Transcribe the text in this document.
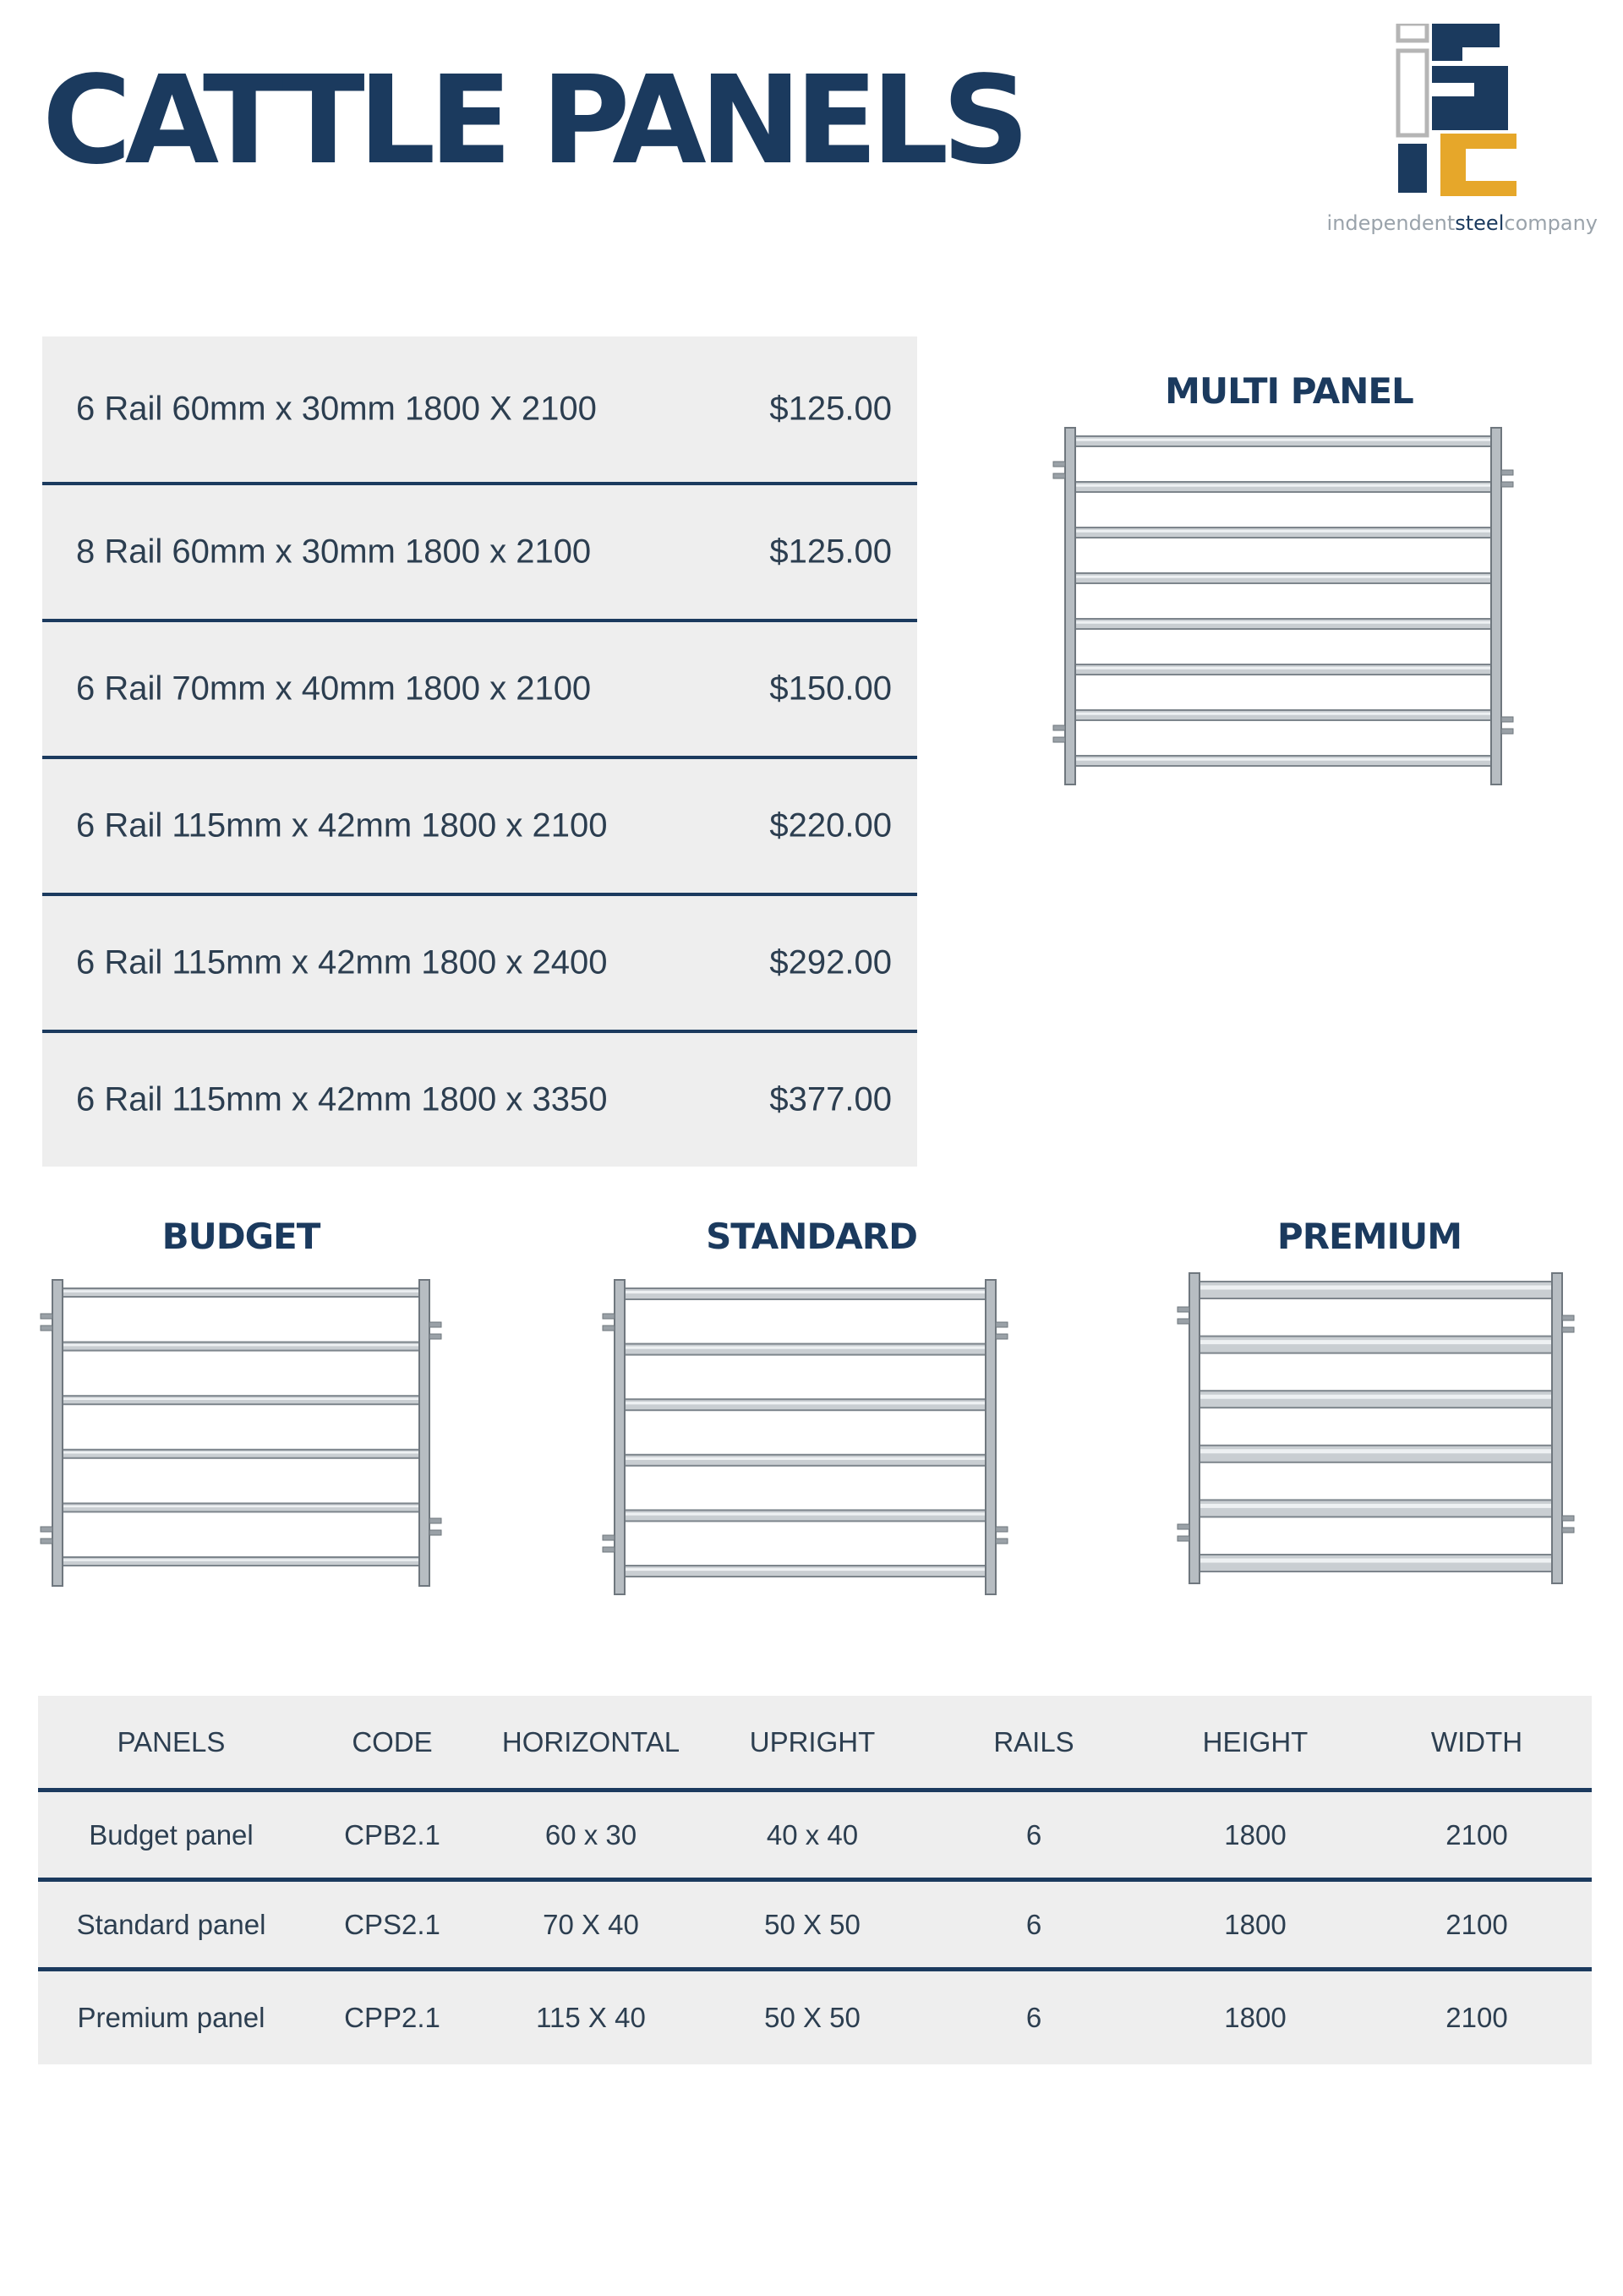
CATTLE PANELS
independentsteelcompany
6 Rail 60mm x 30mm 1800 X 2100	$125.00
8 Rail 60mm x 30mm 1800 x 2100	$125.00
6 Rail 70mm x 40mm 1800 x 2100	$150.00
6 Rail 115mm x 42mm 1800 x 2100	$220.00
6 Rail 115mm x 42mm 1800 x 2400	$292.00
6 Rail 115mm x 42mm 1800 x 3350	$377.00
MULTI PANEL
BUDGET	STANDARD	PREMIUM
PANELS	CODE	HORIZONTAL	UPRIGHT	RAILS	HEIGHT	WIDTH
Budget panel	CPB2.1	60 x 30	40 x 40	6	1800	2100
Standard panel	CPS2.1	70 X 40	50 X 50	6	1800	2100
Premium panel	CPP2.1	115 X 40	50 X 50	6	1800	2100
